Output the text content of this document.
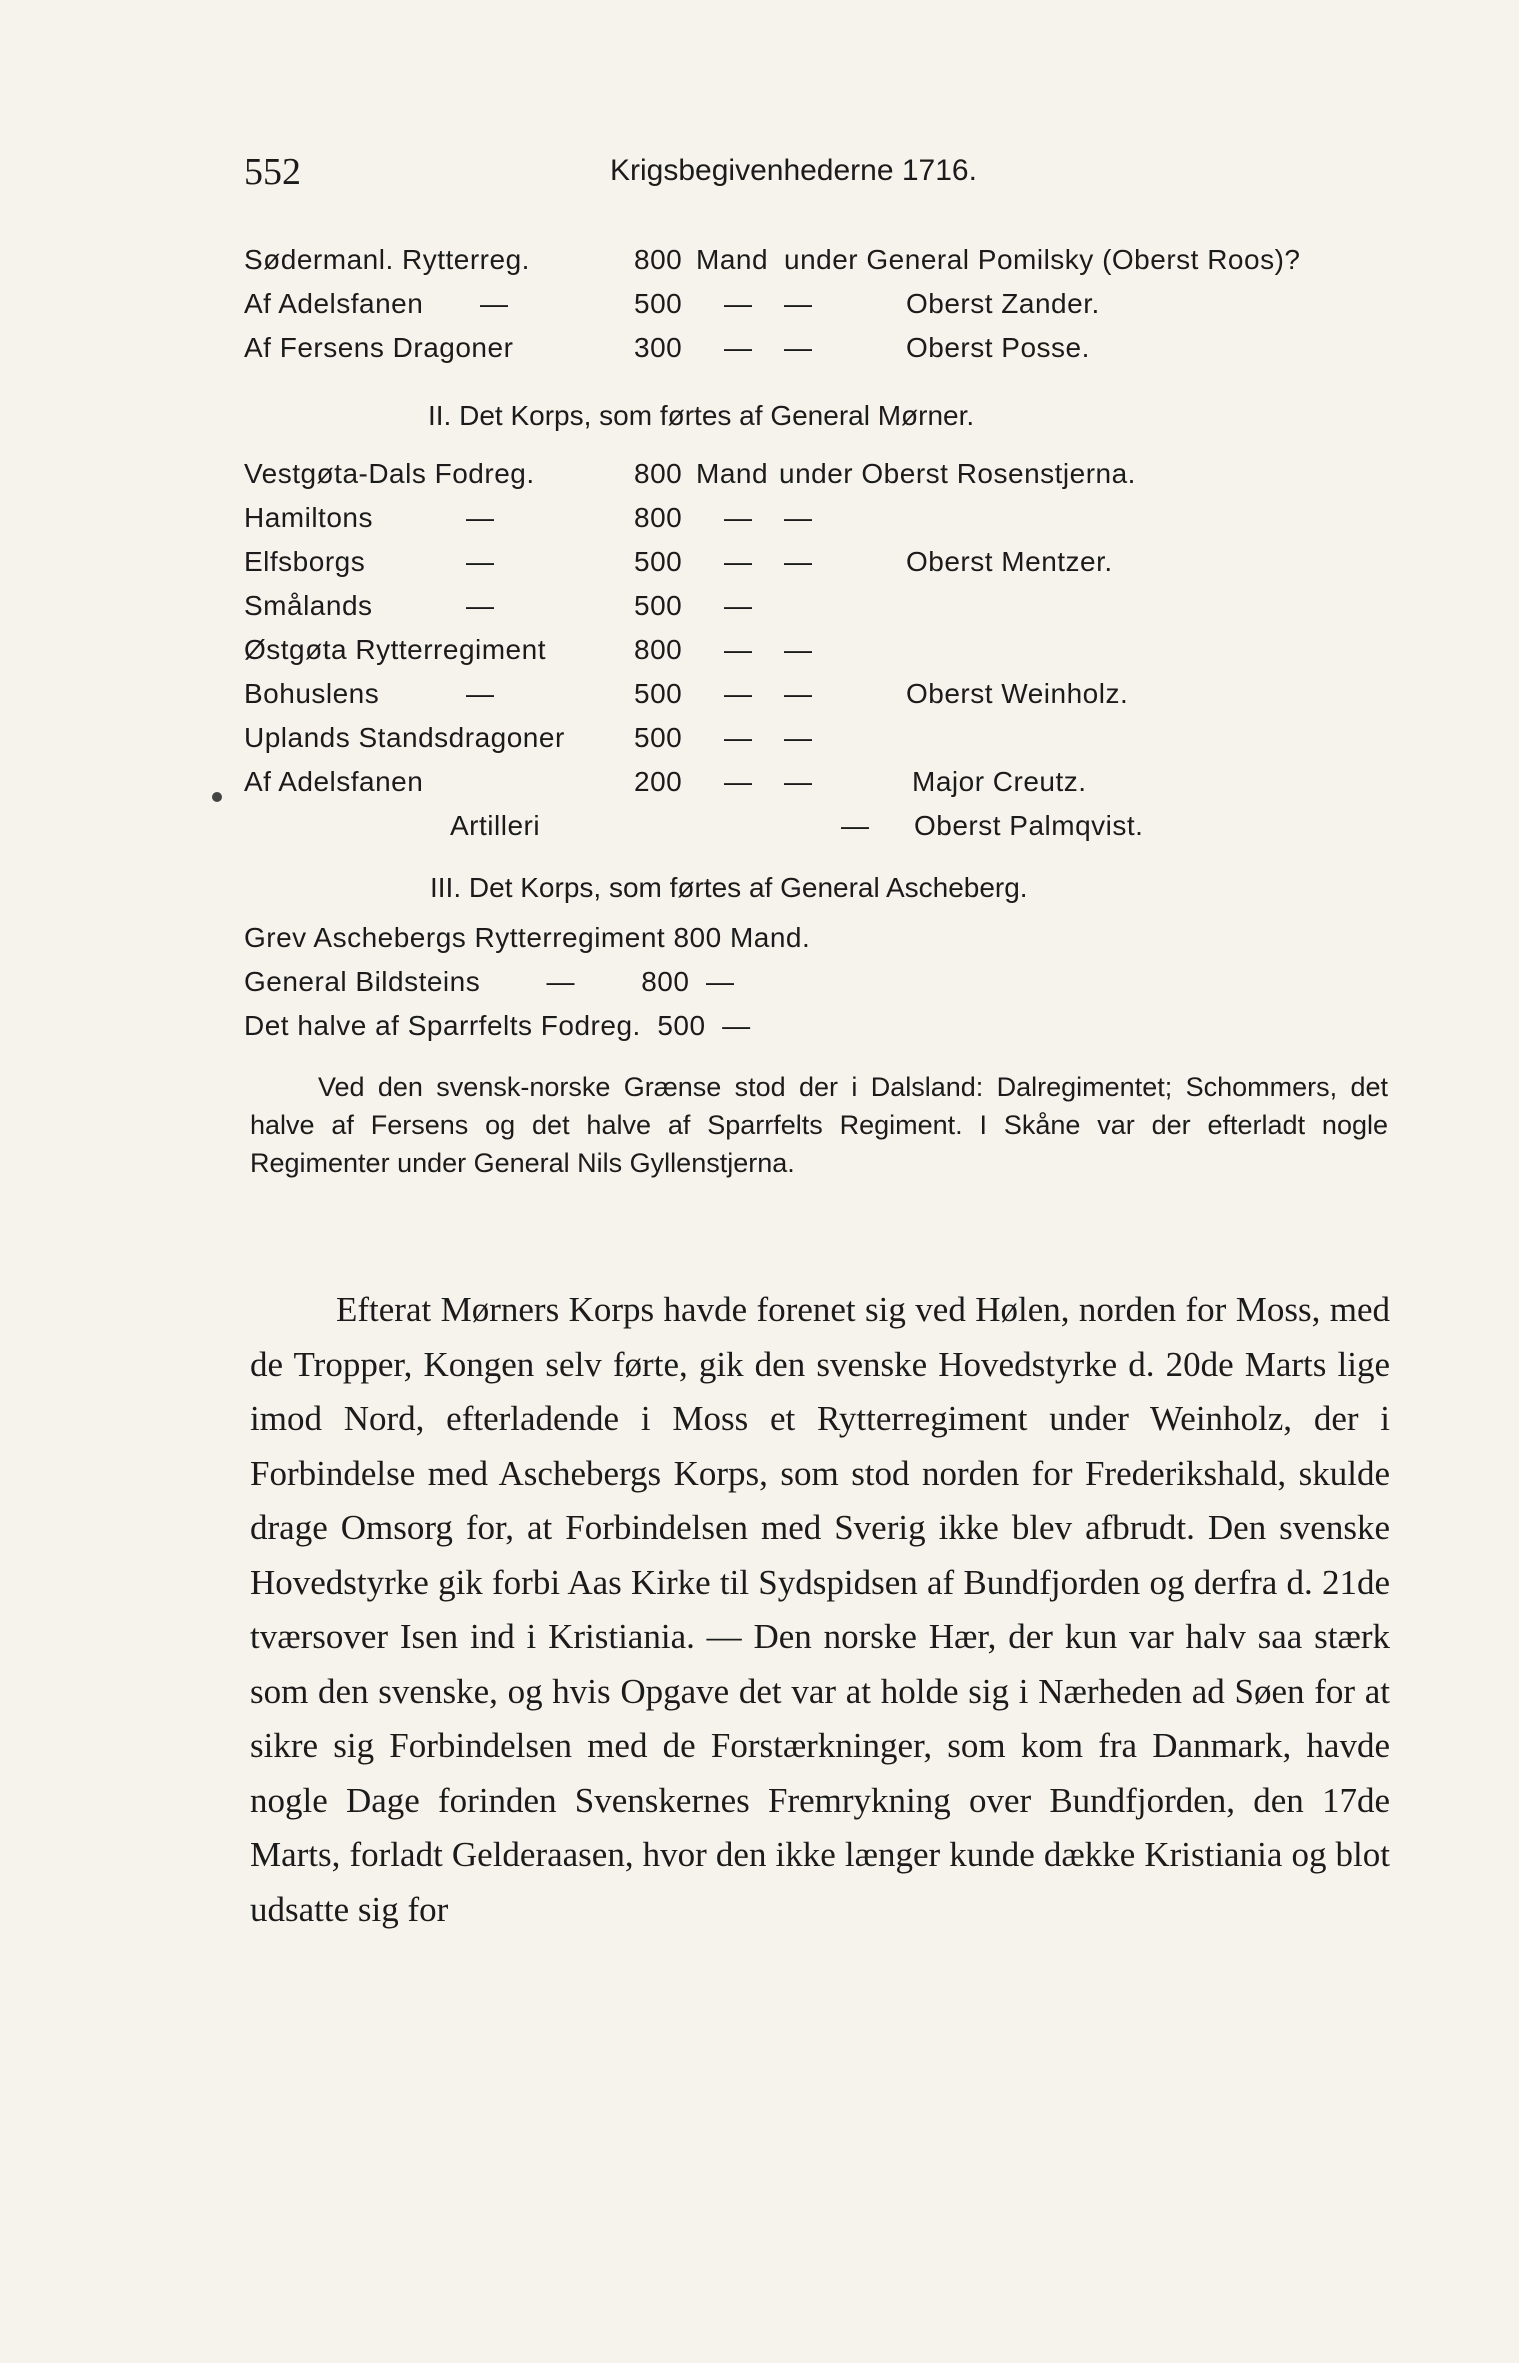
552	Krigsbegivenhederne 1716.
Sødermanl. Rytterreg.	800 Mand under General Pomilsky (Oberst Roos)?
Af Adelsfanen —	500 — —	Oberst Zander.
Af Fersens Dragoner	300 — —	Oberst Posse.
II. Det Korps, som førtes af General Mørner.
Vestgøta-Dals Fodreg.	800 Mand under Oberst Rosenstjerna.
Hamiltons	—	800 — —
Elfsborgs	—	500 — —	Oberst Mentzer.
Smålands	—	500 —
Østgøta Rytterregiment	800 — —
Bohuslens	—	500 — —	Oberst Weinholz.
Uplands Standsdragoner 500 — —
Af Adelsfanen	200 — —	Major Creutz.
Artilleri	— Oberst Palmqvist.
III. Det Korps, som førtes af General Ascheberg.
Grev Aschebergs Rytterregiment 800 Mand.
General Bildsteins        —        800  —
Det halve af Sparrfelts Fodreg.  500  —

Ved den svensk-norske Grænse stod der i Dalsland: Dalregimentet; Schommers, det halve af Fersens og det halve af Sparrfelts Regiment. I Skåne var der efterladt nogle Regimenter under General Nils Gyllenstjerna.

Efterat Mørners Korps havde forenet sig ved Hølen, norden for Moss, med de Tropper, Kongen selv førte, gik den svenske Hovedstyrke d. 20de Marts lige imod Nord, efterladende i Moss et Rytterregiment under Weinholz, der i Forbindelse med Aschebergs Korps, som stod norden for Frederikshald, skulde drage Omsorg for, at Forbindelsen med Sverig ikke blev afbrudt. Den svenske Hovedstyrke gik forbi Aas Kirke til Sydspidsen af Bundfjorden og derfra d. 21de tværsover Isen ind i Kristiania. — Den norske Hær, der kun var halv saa stærk som den svenske, og hvis Opgave det var at holde sig i Nærheden ad Søen for at sikre sig Forbindelsen med de Forstærkninger, som kom fra Danmark, havde nogle Dage forinden Svenskernes Fremrykning over Bundfjorden, den 17de Marts, forladt Gelderaasen, hvor den ikke længer kunde dække Kristiania og blot udsatte sig for
